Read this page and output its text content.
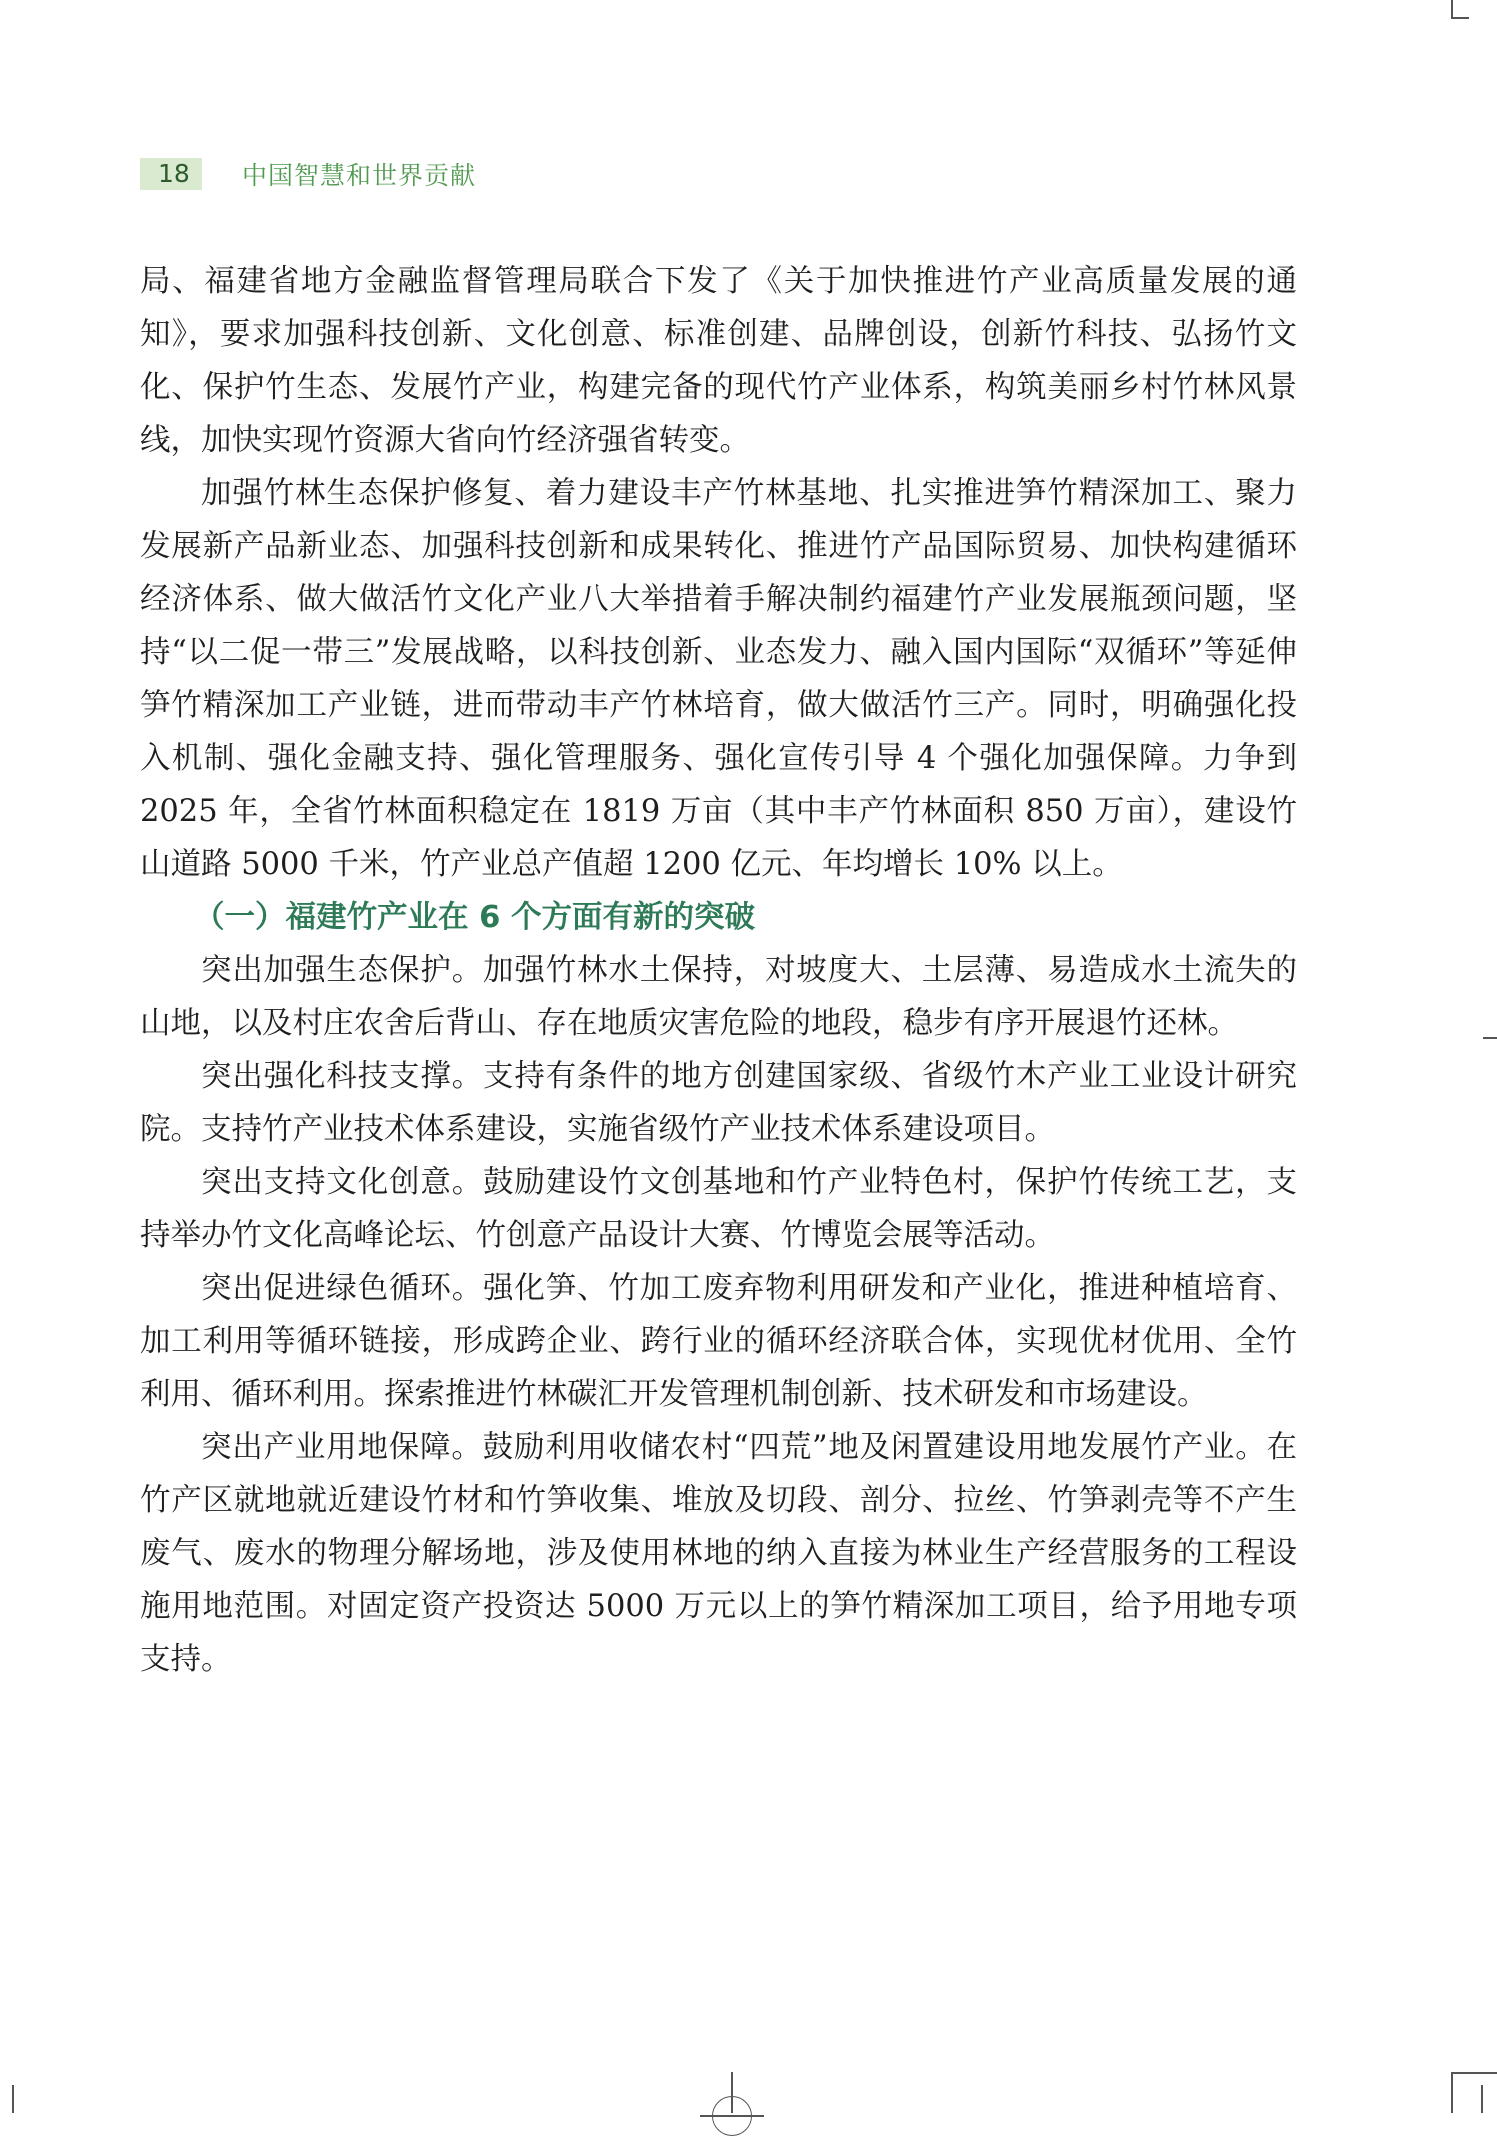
18	中国智慧和世界贡献

局、福建省地方金融监督管理局联合下发了《关于加快推进竹产业高质量发展的通知》，要求加强科技创新、文化创意、标准创建、品牌创设，创新竹科技、弘扬竹文化、保护竹生态、发展竹产业，构建完备的现代竹产业体系，构筑美丽乡村竹林风景线，加快实现竹资源大省向竹经济强省转变。

加强竹林生态保护修复、着力建设丰产竹林基地、扎实推进笋竹精深加工、聚力发展新产品新业态、加强科技创新和成果转化、推进竹产品国际贸易、加快构建循环经济体系、做大做活竹文化产业八大举措着手解决制约福建竹产业发展瓶颈问题，坚持“以二促一带三”发展战略，以科技创新、业态发力、融入国内国际“双循环”等延伸笋竹精深加工产业链，进而带动丰产竹林培育，做大做活竹三产。同时，明确强化投入机制、强化金融支持、强化管理服务、强化宣传引导 4 个强化加强保障。力争到 2025 年，全省竹林面积稳定在 1819 万亩（其中丰产竹林面积 850 万亩），建设竹山道路 5000 千米，竹产业总产值超 1200 亿元、年均增长 10% 以上。

（一）福建竹产业在 6 个方面有新的突破

突出加强生态保护。加强竹林水土保持，对坡度大、土层薄、易造成水土流失的山地，以及村庄农舍后背山、存在地质灾害危险的地段，稳步有序开展退竹还林。

突出强化科技支撑。支持有条件的地方创建国家级、省级竹木产业工业设计研究院。支持竹产业技术体系建设，实施省级竹产业技术体系建设项目。

突出支持文化创意。鼓励建设竹文创基地和竹产业特色村，保护竹传统工艺，支持举办竹文化高峰论坛、竹创意产品设计大赛、竹博览会展等活动。

突出促进绿色循环。强化笋、竹加工废弃物利用研发和产业化，推进种植培育、加工利用等循环链接，形成跨企业、跨行业的循环经济联合体，实现优材优用、全竹利用、循环利用。探索推进竹林碳汇开发管理机制创新、技术研发和市场建设。

突出产业用地保障。鼓励利用收储农村“四荒”地及闲置建设用地发展竹产业。在竹产区就地就近建设竹材和竹笋收集、堆放及切段、剖分、拉丝、竹笋剥壳等不产生废气、废水的物理分解场地，涉及使用林地的纳入直接为林业生产经营服务的工程设施用地范围。对固定资产投资达 5000 万元以上的笋竹精深加工项目，给予用地专项支持。
